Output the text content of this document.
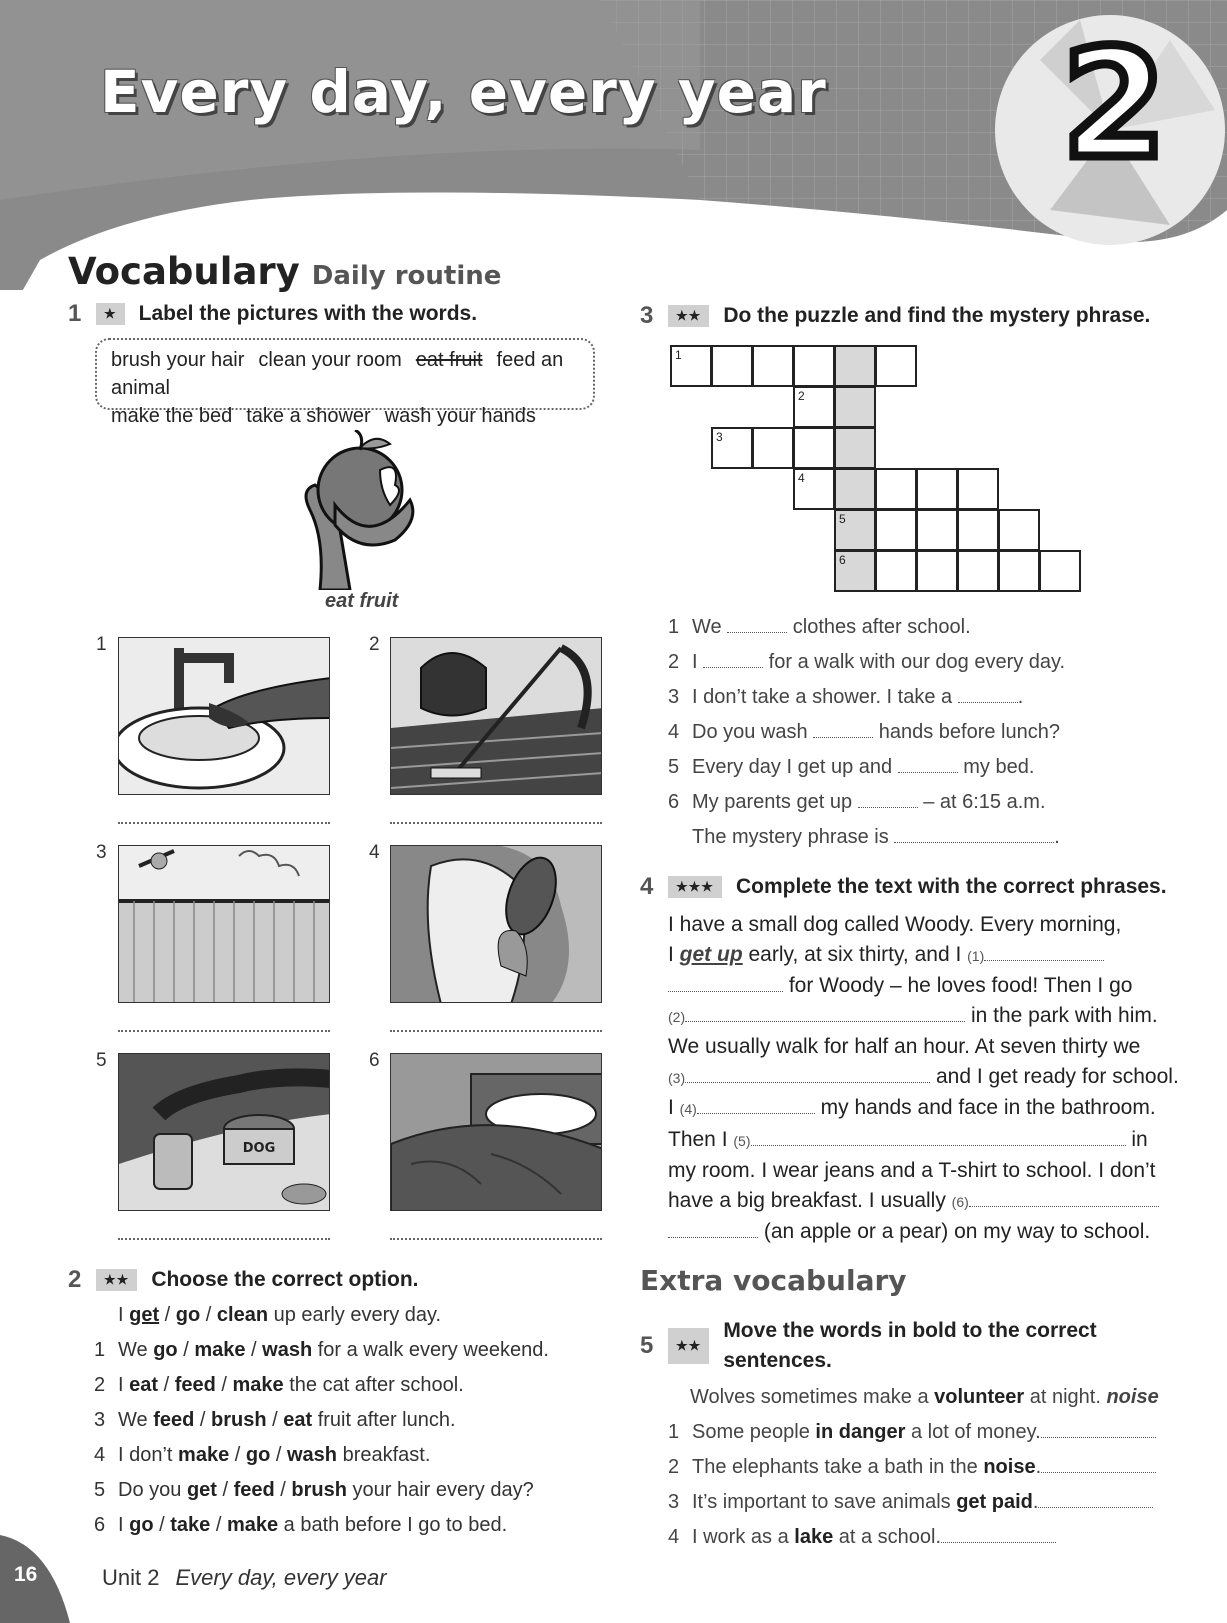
Every day, every year 2
Vocabulary Daily routine
1	★	Label the pictures with the words.
brush your hair clean your room eat fruit feed an animal
make the bed take a shower wash your hands
eat fruit
1	2
3	4
5
DOG
6
2	★★	Choose the correct option.
I get / go / clean up early every day.
1 We go / make / wash for a walk every weekend.
2 I eat / feed / make the cat after school.
3 We feed / brush / eat fruit after lunch.
4 I don’t make / go / wash breakfast.
5 Do you get / feed / brush your hair every day?
6 I go / take / make a bath before I go to bed.
3	★★	Do the puzzle and find the mystery phrase.
1
2
3
4
5
6
1 We	clothes after school.
2 I	for a walk with our dog every day.
3 I don’t take a shower. I take a	.
4 Do you wash	hands before lunch?
5 Every day I get up and	my bed.
6 My parents get up	– at 6:15 a.m.
The mystery phrase is	.
4	★★★	Complete the text with the correct phrases.
I have a small dog called Woody. Every morning,
I get up early, at six thirty, and I (1)
for Woody – he loves food! Then I go
(2)	in the park with him.
We usually walk for half an hour. At seven thirty we
(3)	and I get ready for school.
I (4)	my hands and face in the bathroom.
Then I (5)	in
my room. I wear jeans and a T-shirt to school. I don’t
have a big breakfast. I usually (6)
(an apple or a pear) on my way to school.
Extra vocabulary
5	★★
Move the words in bold to the correct sentences.
Wolves sometimes make a volunteer at night. noise
1 Some people in danger a lot of money.
2 The elephants take a bath in the noise.
3 It’s important to save animals get paid.
4 I work as a lake at a school.
16	Unit 2 Every day, every year
